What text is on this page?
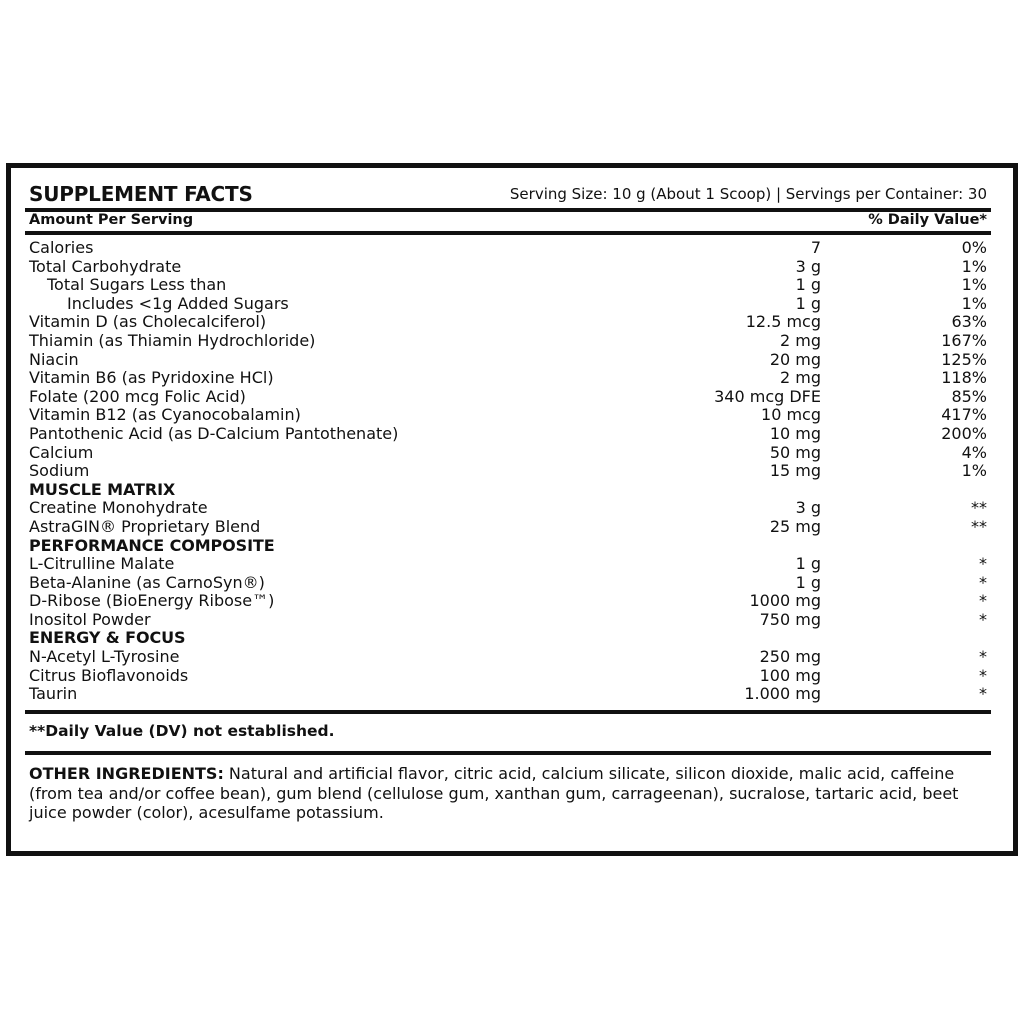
SUPPLEMENT FACTS	Serving Size: 10 g (About 1 Scoop) | Servings per Container: 30
Amount Per Serving	% Daily Value*
Calories	7	0%
Total Carbohydrate	3 g	1%
Total Sugars Less than	1 g	1%
Includes <1g Added Sugars	1 g	1%
Vitamin D (as Cholecalciferol)	12.5 mcg	63%
Thiamin (as Thiamin Hydrochloride)	2 mg	167%
Niacin	20 mg	125%
Vitamin B6 (as Pyridoxine HCl)	2 mg	118%
Folate (200 mcg Folic Acid)	340 mcg DFE	85%
Vitamin B12 (as Cyanocobalamin)	10 mcg	417%
Pantothenic Acid (as D-Calcium Pantothenate)	10 mg	200%
Calcium	50 mg	4%
Sodium	15 mg	1%
MUSCLE MATRIX
Creatine Monohydrate	3 g	**
AstraGIN® Proprietary Blend	25 mg	**
PERFORMANCE COMPOSITE
L-Citrulline Malate	1 g	*
Beta-Alanine (as CarnoSyn®)	1 g	*
D-Ribose (BioEnergy Ribose™)	1000 mg	*
Inositol Powder	750 mg	*
ENERGY & FOCUS
N-Acetyl L-Tyrosine	250 mg	*
Citrus Bioflavonoids	100 mg	*
Taurin	1.000 mg	*
**Daily Value (DV) not established.
OTHER INGREDIENTS: Natural and artificial flavor, citric acid, calcium silicate, silicon dioxide, malic acid, caffeine (from tea and/or coffee bean), gum blend (cellulose gum, xanthan gum, carrageenan), sucralose, tartaric acid, beet juice powder (color), acesulfame potassium.
